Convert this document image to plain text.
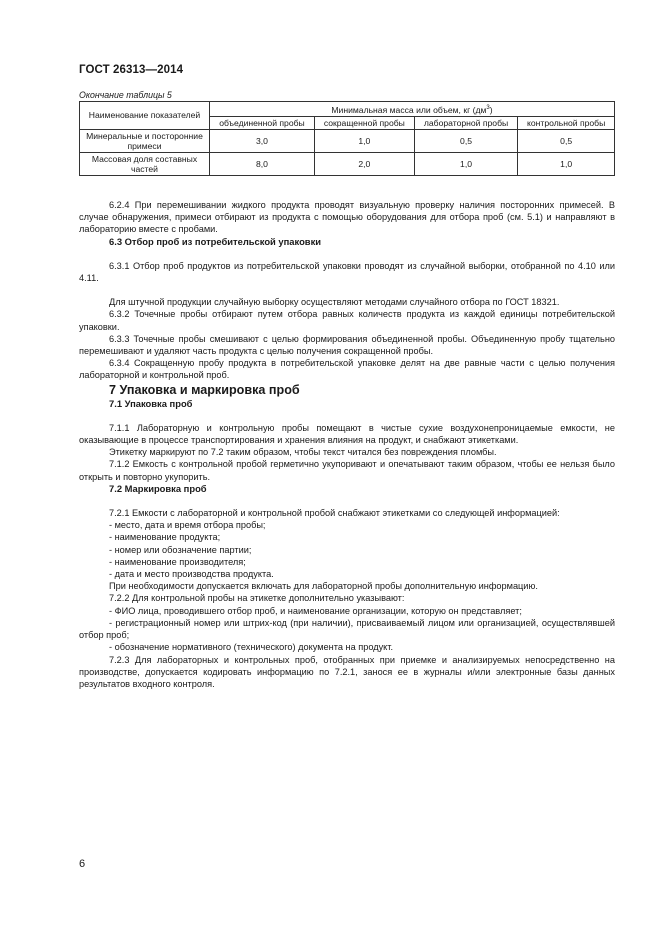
ГОСТ 26313—2014
Окончание таблицы 5
Наименование показателей	Минимальная масса или объем, кг $(дм^3)$			
	объединенной пробы	сокращенной пробы	лабораторной пробы	контрольной пробы
Минеральные и посторонние примеси	3,0	1,0	0,5	0,5
Массовая доля составных частей	8,0	2,0	1,0	1,0

6.2.4 При перемешивании жидкого продукта проводят визуальную проверку наличия посторонних примесей. В случае обнаружения, примеси отбирают из продукта с помощью оборудования для отбора проб (см. 5.1) и направляют в лабораторию вместе с пробами.

6.3 Отбор проб из потребительской упаковки

6.3.1 Отбор проб продуктов из потребительской упаковки проводят из случайной выборки, отобранной по 4.10 или 4.11.

Для штучной продукции случайную выборку осуществляют методами случайного отбора по ГОСТ 18321.

6.3.2 Точечные пробы отбирают путем отбора равных количеств продукта из каждой единицы потребительской упаковки.

6.3.3 Точечные пробы смешивают с целью формирования объединенной пробы. Объединенную пробу тщательно перемешивают и удаляют часть продукта с целью получения сокращенной пробы.

6.3.4 Сокращенную пробу продукта в потребительской упаковке делят на две равные части с целью получения лабораторной и контрольной проб.

7 Упаковка и маркировка проб

7.1 Упаковка проб

7.1.1 Лабораторную и контрольную пробы помещают в чистые сухие воздухонепроницаемые емкости, не оказывающие в процессе транспортирования и хранения влияния на продукт, и снабжают этикетками.

Этикетку маркируют по 7.2 таким образом, чтобы текст читался без повреждения пломбы.

7.1.2 Емкость с контрольной пробой герметично укупоривают и опечатывают таким образом, чтобы ее нельзя было открыть и повторно укупорить.

7.2 Маркировка проб

7.2.1 Емкости с лабораторной и контрольной пробой снабжают этикетками со следующей информацией:

- место, дата и время отбора пробы;

- наименование продукта;

- номер или обозначение партии;

- наименование производителя;

- дата и место производства продукта.

При необходимости допускается включать для лабораторной пробы дополнительную информацию.

7.2.2 Для контрольной пробы на этикетке дополнительно указывают:

- ФИО лица, проводившего отбор проб, и наименование организации, которую он представляет;

- регистрационный номер или штрих-код (при наличии), присваиваемый лицом или организацией, осуществлявшей отбор проб;

- обозначение нормативного (технического) документа на продукт.

7.2.3 Для лабораторных и контрольных проб, отобранных при приемке и анализируемых непосредственно на производстве, допускается кодировать информацию по 7.2.1, занося ее в журналы и/или электронные базы данных результатов входного контроля.

6
